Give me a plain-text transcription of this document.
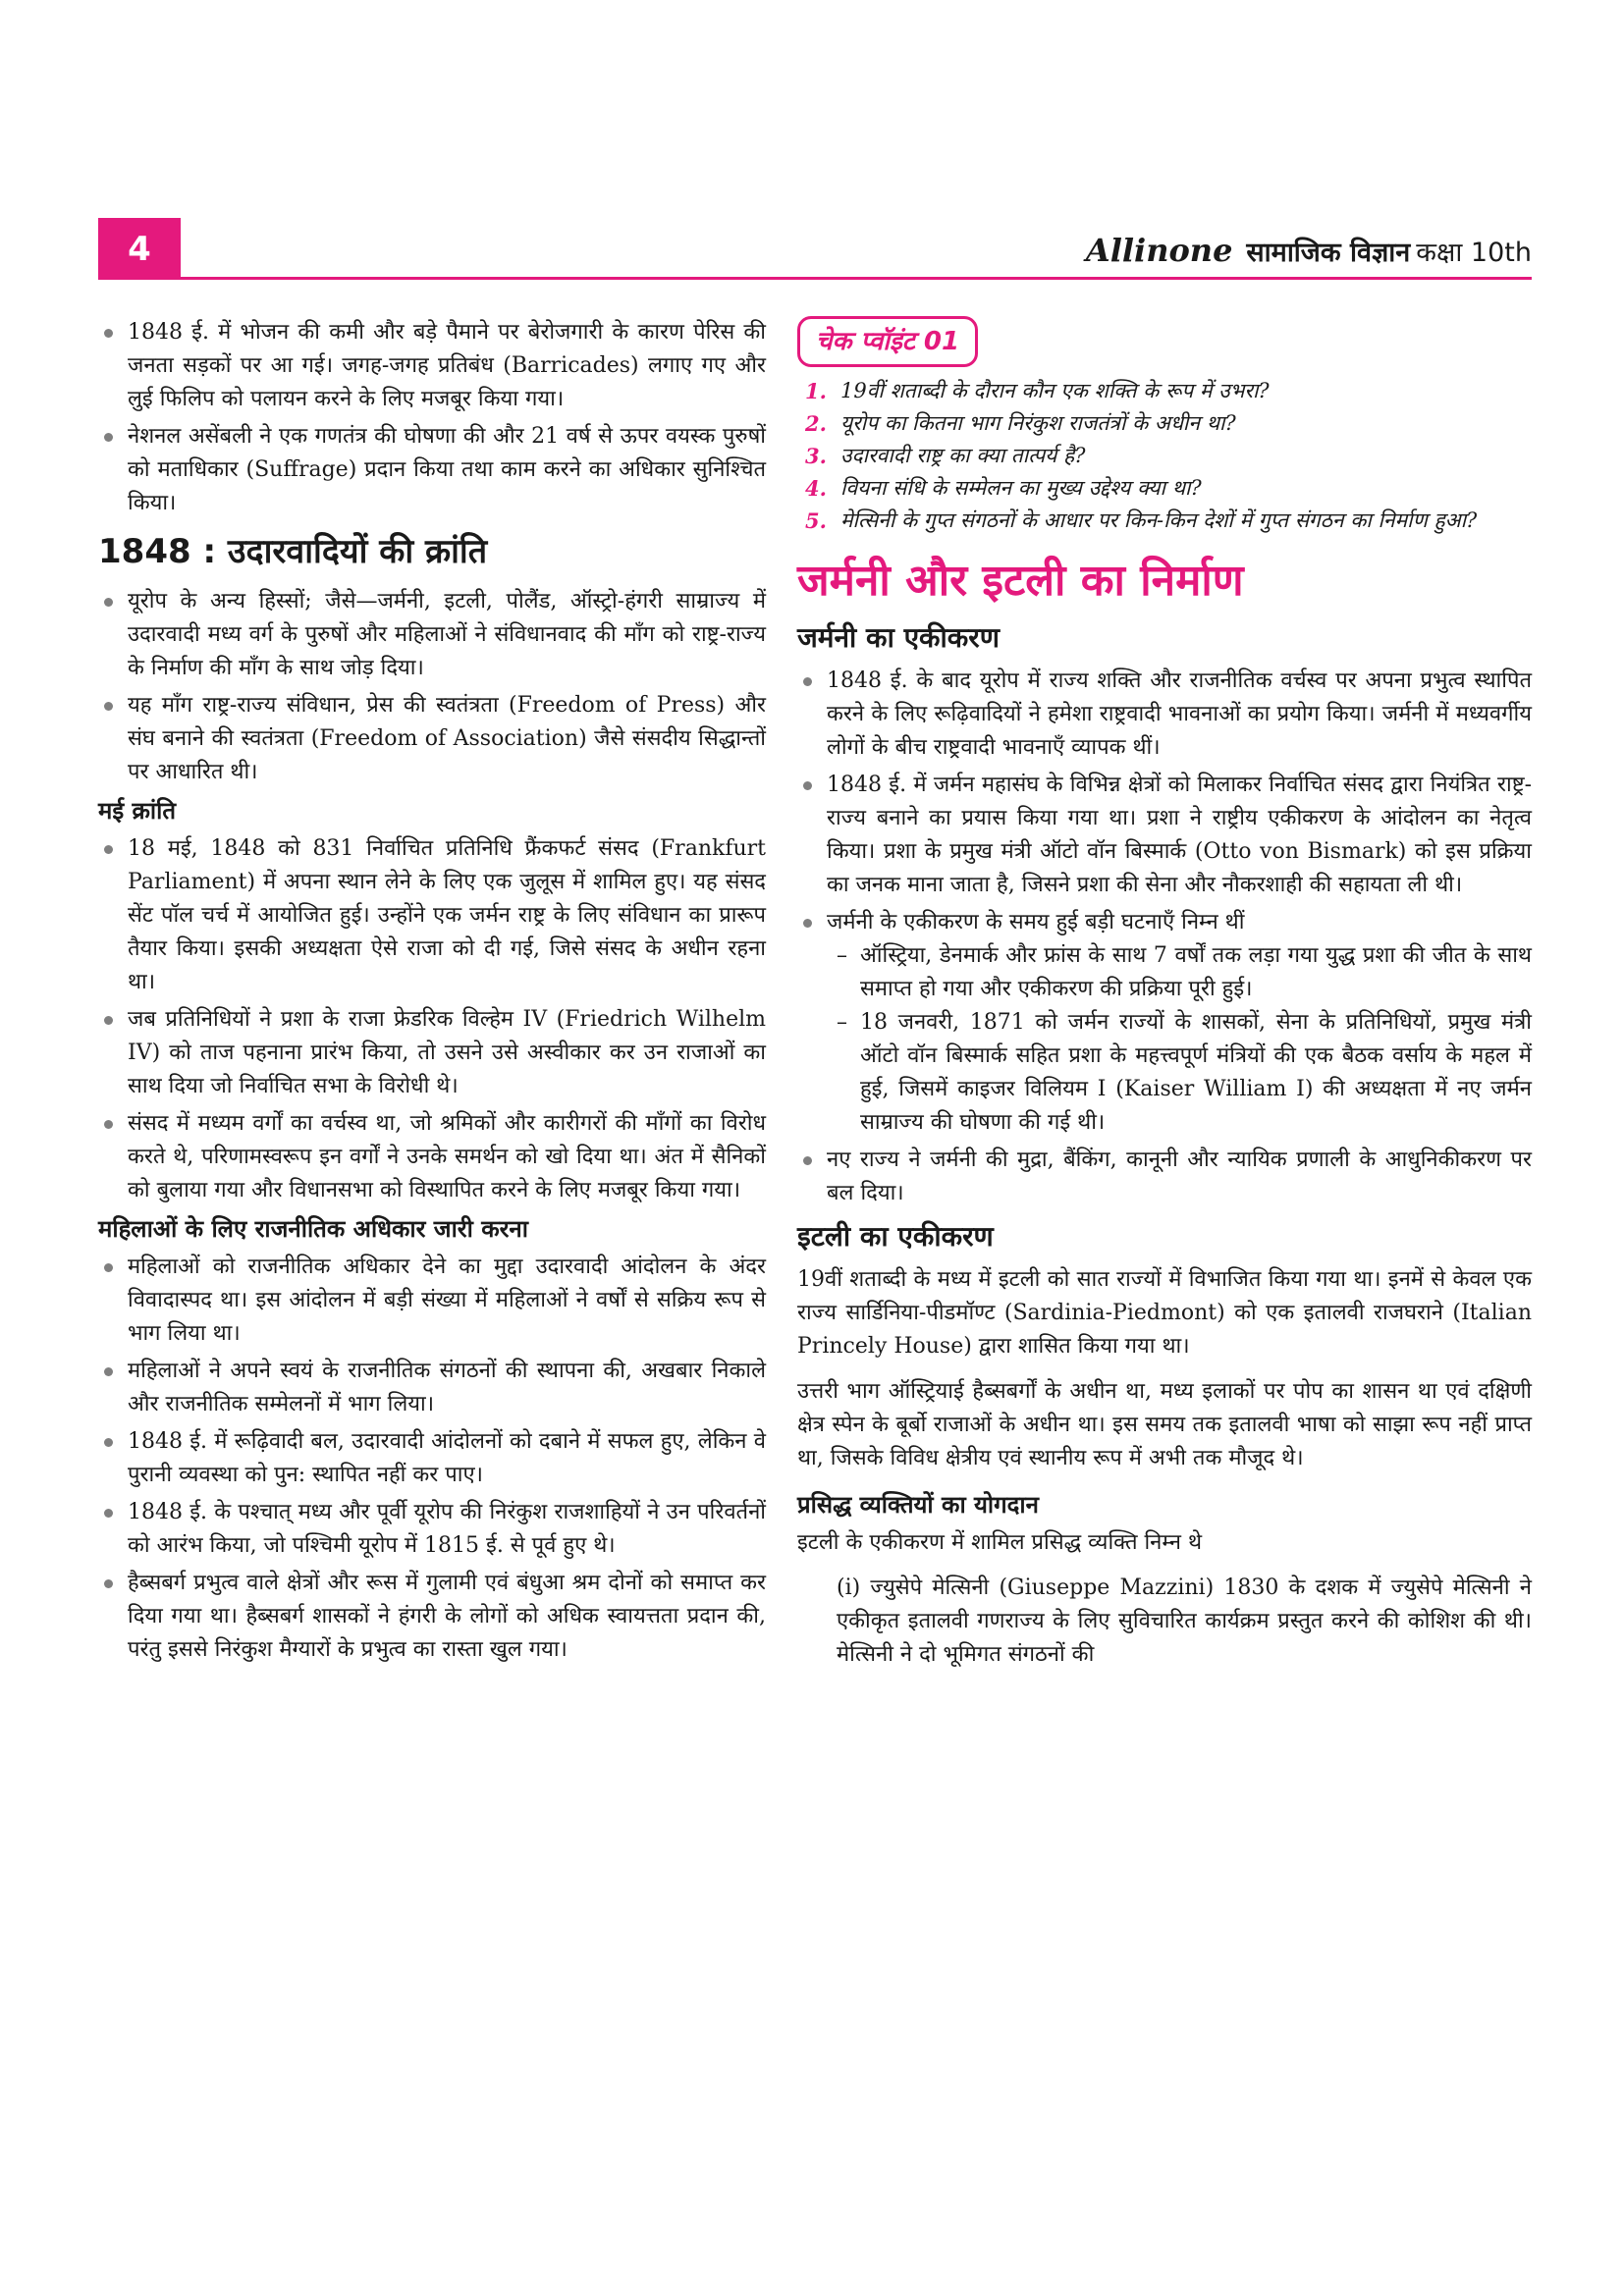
4	Allinone सामाजिक विज्ञान कक्षा 10th
1848 ई. में भोजन की कमी और बड़े पैमाने पर बेरोजगारी के कारण पेरिस की जनता सड़कों पर आ गई। जगह-जगह प्रतिबंध (Barricades) लगाए गए और लुई फिलिप को पलायन करने के लिए मजबूर किया गया।
नेशनल असेंबली ने एक गणतंत्र की घोषणा की और 21 वर्ष से ऊपर वयस्क पुरुषों को मताधिकार (Suffrage) प्रदान किया तथा काम करने का अधिकार सुनिश्चित किया।
1848 : उदारवादियों की क्रांति
यूरोप के अन्य हिस्सों; जैसे—जर्मनी, इटली, पोलैंड, ऑस्ट्रो-हंगरी साम्राज्य में उदारवादी मध्य वर्ग के पुरुषों और महिलाओं ने संविधानवाद की माँग को राष्ट्र-राज्य के निर्माण की माँग के साथ जोड़ दिया।
यह माँग राष्ट्र-राज्य संविधान, प्रेस की स्वतंत्रता (Freedom of Press) और संघ बनाने की स्वतंत्रता (Freedom of Association) जैसे संसदीय सिद्धान्तों पर आधारित थी।
मई क्रांति
18 मई, 1848 को 831 निर्वाचित प्रतिनिधि फ्रैंकफर्ट संसद (Frankfurt Parliament) में अपना स्थान लेने के लिए एक जुलूस में शामिल हुए। यह संसद सेंट पॉल चर्च में आयोजित हुई। उन्होंने एक जर्मन राष्ट्र के लिए संविधान का प्रारूप तैयार किया। इसकी अध्यक्षता ऐसे राजा को दी गई, जिसे संसद के अधीन रहना था।
जब प्रतिनिधियों ने प्रशा के राजा फ्रेडरिक विल्हेम IV (Friedrich Wilhelm IV) को ताज पहनाना प्रारंभ किया, तो उसने उसे अस्वीकार कर उन राजाओं का साथ दिया जो निर्वाचित सभा के विरोधी थे।
संसद में मध्यम वर्गों का वर्चस्व था, जो श्रमिकों और कारीगरों की माँगों का विरोध करते थे, परिणामस्वरूप इन वर्गों ने उनके समर्थन को खो दिया था। अंत में सैनिकों को बुलाया गया और विधानसभा को विस्थापित करने के लिए मजबूर किया गया।
महिलाओं के लिए राजनीतिक अधिकार जारी करना
महिलाओं को राजनीतिक अधिकार देने का मुद्दा उदारवादी आंदोलन के अंदर विवादास्पद था। इस आंदोलन में बड़ी संख्या में महिलाओं ने वर्षों से सक्रिय रूप से भाग लिया था।
महिलाओं ने अपने स्वयं के राजनीतिक संगठनों की स्थापना की, अखबार निकाले और राजनीतिक सम्मेलनों में भाग लिया।
1848 ई. में रूढ़िवादी बल, उदारवादी आंदोलनों को दबाने में सफल हुए, लेकिन वे पुरानी व्यवस्था को पुन: स्थापित नहीं कर पाए।
1848 ई. के पश्चात् मध्य और पूर्वी यूरोप की निरंकुश राजशाहियों ने उन परिवर्तनों को आरंभ किया, जो पश्चिमी यूरोप में 1815 ई. से पूर्व हुए थे।
हैब्सबर्ग प्रभुत्व वाले क्षेत्रों और रूस में गुलामी एवं बंधुआ श्रम दोनों को समाप्त कर दिया गया था। हैब्सबर्ग शासकों ने हंगरी के लोगों को अधिक स्वायत्तता प्रदान की, परंतु इससे निरंकुश मैग्यारों के प्रभुत्व का रास्ता खुल गया।
चेक प्वॉइंट 01
1. 19वीं शताब्दी के दौरान कौन एक शक्ति के रूप में उभरा?
2. यूरोप का कितना भाग निरंकुश राजतंत्रों के अधीन था?
3. उदारवादी राष्ट्र का क्या तात्पर्य है?
4. वियना संधि के सम्मेलन का मुख्य उद्देश्य क्या था?
5. मेत्सिनी के गुप्त संगठनों के आधार पर किन-किन देशों में गुप्त संगठन का निर्माण हुआ?
जर्मनी और इटली का निर्माण
जर्मनी का एकीकरण
1848 ई. के बाद यूरोप में राज्य शक्ति और राजनीतिक वर्चस्व पर अपना प्रभुत्व स्थापित करने के लिए रूढ़िवादियों ने हमेशा राष्ट्रवादी भावनाओं का प्रयोग किया। जर्मनी में मध्यवर्गीय लोगों के बीच राष्ट्रवादी भावनाएँ व्यापक थीं।
1848 ई. में जर्मन महासंघ के विभिन्न क्षेत्रों को मिलाकर निर्वाचित संसद द्वारा नियंत्रित राष्ट्र-राज्य बनाने का प्रयास किया गया था। प्रशा ने राष्ट्रीय एकीकरण के आंदोलन का नेतृत्व किया। प्रशा के प्रमुख मंत्री ऑटो वॉन बिस्मार्क (Otto von Bismark) को इस प्रक्रिया का जनक माना जाता है, जिसने प्रशा की सेना और नौकरशाही की सहायता ली थी।
जर्मनी के एकीकरण के समय हुई बड़ी घटनाएँ निम्न थीं
– ऑस्ट्रिया, डेनमार्क और फ्रांस के साथ 7 वर्षों तक लड़ा गया युद्ध प्रशा की जीत के साथ समाप्त हो गया और एकीकरण की प्रक्रिया पूरी हुई।
– 18 जनवरी, 1871 को जर्मन राज्यों के शासकों, सेना के प्रतिनिधियों, प्रमुख मंत्री ऑटो वॉन बिस्मार्क सहित प्रशा के महत्त्वपूर्ण मंत्रियों की एक बैठक वर्साय के महल में हुई, जिसमें काइजर विलियम I (Kaiser William I) की अध्यक्षता में नए जर्मन साम्राज्य की घोषणा की गई थी।
नए राज्य ने जर्मनी की मुद्रा, बैंकिंग, कानूनी और न्यायिक प्रणाली के आधुनिकीकरण पर बल दिया।
इटली का एकीकरण

19वीं शताब्दी के मध्य में इटली को सात राज्यों में विभाजित किया गया था। इनमें से केवल एक राज्य सार्डिनिया-पीडमॉण्ट (Sardinia-Piedmont) को एक इतालवी राजघराने (Italian Princely House) द्वारा शासित किया गया था।

उत्तरी भाग ऑस्ट्रियाई हैब्सबर्गों के अधीन था, मध्य इलाकों पर पोप का शासन था एवं दक्षिणी क्षेत्र स्पेन के बूर्बो राजाओं के अधीन था। इस समय तक इतालवी भाषा को साझा रूप नहीं प्राप्त था, जिसके विविध क्षेत्रीय एवं स्थानीय रूप में अभी तक मौजूद थे।

प्रसिद्ध व्यक्तियों का योगदान

इटली के एकीकरण में शामिल प्रसिद्ध व्यक्ति निम्न थे

(i) ज्युसेपे मेत्सिनी (Giuseppe Mazzini) 1830 के दशक में ज्युसेपे मेत्सिनी ने एकीकृत इतालवी गणराज्य के लिए सुविचारित कार्यक्रम प्रस्तुत करने की कोशिश की थी। मेत्सिनी ने दो भूमिगत संगठनों की
